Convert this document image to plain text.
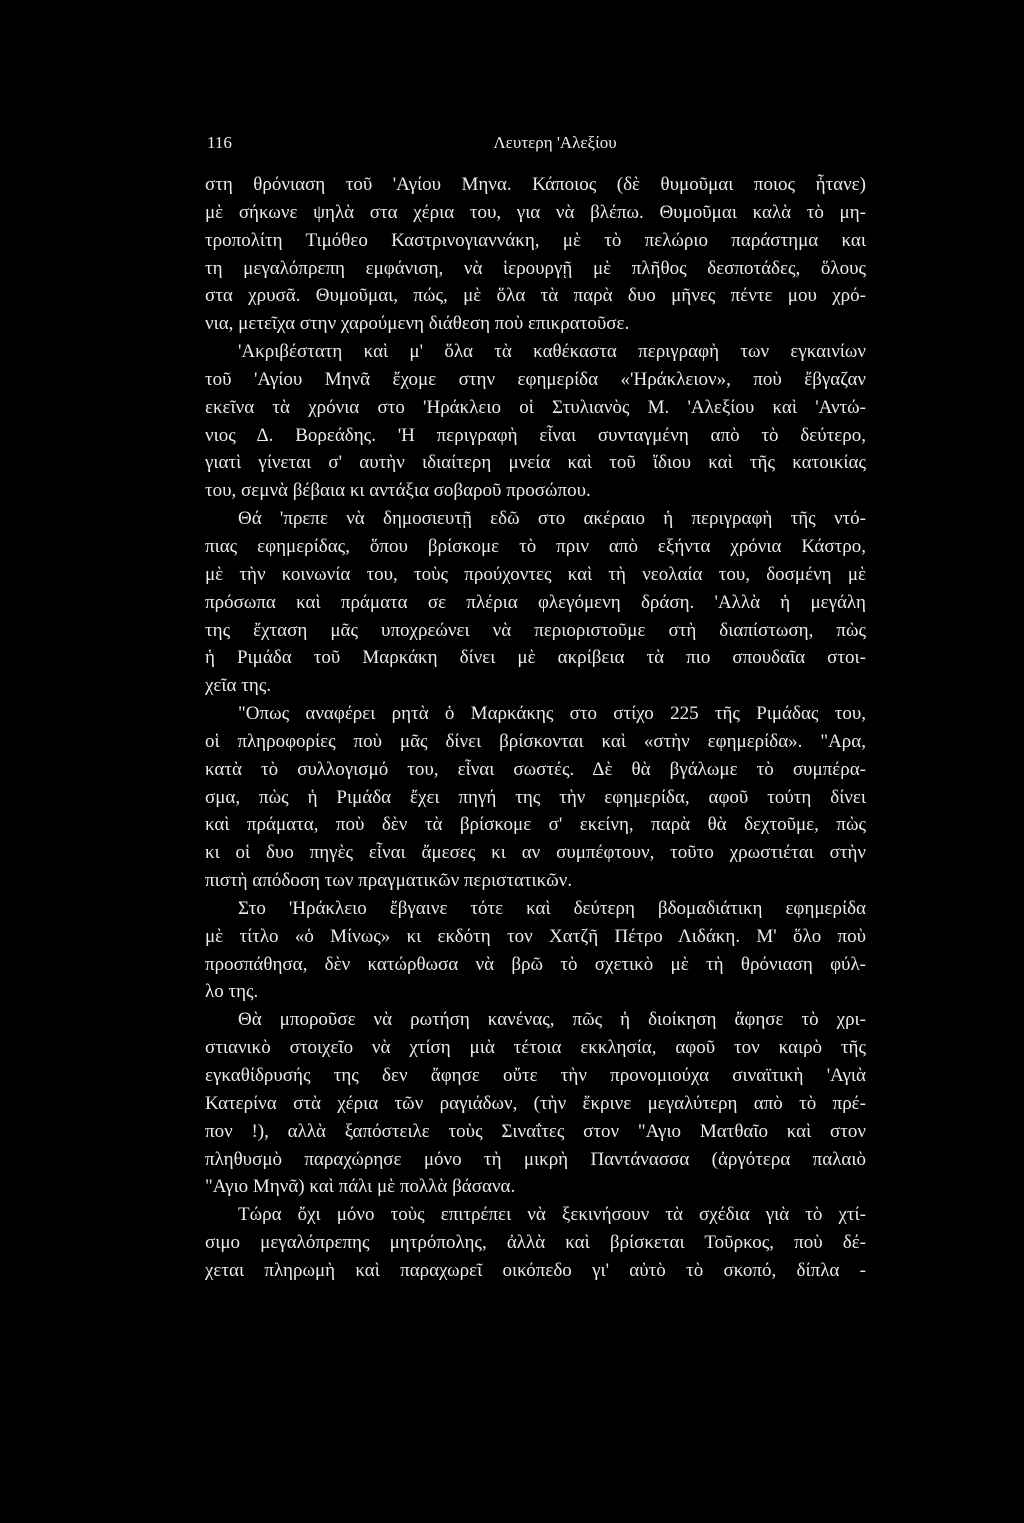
116	Λευτερη 'Αλεξίου
στη θρόνιαση τοῦ 'Αγίου Μηνα. Κάποιος (δὲ θυμοῦμαι ποιος ἦτανε)
μὲ σήκωνε ψηλὰ στα χέρια του, για νὰ βλέπω. Θυμοῦμαι καλὰ τὸ μη-
τροπολίτη Τιμόθεο Καστρινογιαννάκη, μὲ τὸ πελώριο παράστημα και
τη μεγαλόπρεπη εμφάνιση, νὰ ἱερουργῇ μὲ πλῆθος δεσποτάδες, ὅλους
στα χρυσᾶ. Θυμοῦμαι, πώς, μὲ ὅλα τὰ παρὰ δυο μῆνες πέντε μου χρό-
νια, μετεῖχα στην χαρούμενη διάθεση ποὺ επικρατοῦσε.
'Ακριβέστατη καὶ μ' ὅλα τὰ καθέκαστα περιγραφὴ των εγκαινίων
τοῦ 'Αγίου Μηνᾶ ἔχομε στην εφημερίδα «'Ηράκλειον», ποὺ ἔβγαζαν
εκεῖνα τὰ χρόνια στο 'Ηράκλειο οἱ Στυλιανὸς Μ. 'Αλεξίου καὶ 'Αντώ-
νιος Δ. Βορεάδης. 'Η περιγραφὴ εἶναι συνταγμένη απὸ τὸ δεύτερο,
γιατὶ γίνεται σ' αυτὴν ιδιαίτερη μνεία καὶ τοῦ ἴδιου καὶ τῆς κατοικίας
του, σεμνὰ βέβαια κι αντάξια σοβαροῦ προσώπου.
Θά 'πρεπε νὰ δημοσιευτῇ εδῶ στο ακέραιο ἡ περιγραφὴ τῆς ντό-
πιας εφημερίδας, ὅπου βρίσκομε τὸ πριν απὸ εξήντα χρόνια Κάστρο,
μὲ τὴν κοινωνία του, τοὺς προύχοντες καὶ τὴ νεολαία του, δοσμένη μὲ
πρόσωπα καὶ πράματα σε πλέρια φλεγόμενη δράση. 'Αλλὰ ἡ μεγάλη
της ἔχταση μᾶς υποχρεώνει νὰ περιοριστοῦμε στὴ διαπίστωση, πὼς
ἡ Ριμάδα τοῦ Μαρκάκη δίνει μὲ ακρίβεια τὰ πιο σπουδαῖα στοι-
χεῖα της.
"Οπως αναφέρει ρητὰ ὁ Μαρκάκης στο στίχο 225 τῆς Ριμάδας του,
οἱ πληροφορίες ποὺ μᾶς δίνει βρίσκονται καὶ «στὴν εφημερίδα». "Αρα,
κατὰ τὸ συλλογισμό του, εἶναι σωστές. Δὲ θὰ βγάλωμε τὸ συμπέρα-
σμα, πὼς ἡ Ριμάδα ἔχει πηγή της τὴν εφημερίδα, αφοῦ τούτη δίνει
καὶ πράματα, ποὺ δὲν τὰ βρίσκομε σ' εκείνη, παρὰ θὰ δεχτοῦμε, πὼς
κι οἱ δυο πηγὲς εἶναι ἄμεσες κι αν συμπέφτουν, τοῦτο χρωστιέται στὴν
πιστὴ απόδοση των πραγματικῶν περιστατικῶν.
Στο 'Ηράκλειο ἔβγαινε τότε καὶ δεύτερη βδομαδιάτικη εφημερίδα
μὲ τίτλο «ὁ Μίνως» κι εκδότη τον Χατζῆ Πέτρο Λιδάκη. Μ' ὅλο ποὺ
προσπάθησα, δὲν κατώρθωσα νὰ βρῶ τὸ σχετικὸ μὲ τὴ θρόνιαση φύλ-
λο της.
Θὰ μποροῦσε νὰ ρωτήση κανένας, πῶς ἡ διοίκηση ἄφησε τὸ χρι-
στιανικὸ στοιχεῖο νὰ χτίση μιὰ τέτοια εκκλησία, αφοῦ τον καιρὸ τῆς
εγκαθίδρυσής της δεν ἄφησε οὔτε τὴν προνομιούχα σιναϊτικὴ 'Αγιὰ
Κατερίνα στὰ χέρια τῶν ραγιάδων, (τὴν ἔκρινε μεγαλύτερη απὸ τὸ πρέ-
πον !), αλλὰ ξαπόστειλε τοὺς Σιναΐτες στον "Αγιο Ματθαῖο καὶ στον
πληθυσμὸ παραχώρησε μόνο τὴ μικρὴ Παντάνασσα (ἀργότερα παλαιὸ
"Αγιο Μηνᾶ) καὶ πάλι μὲ πολλὰ βάσανα.
Τώρα ὄχι μόνο τοὺς επιτρέπει νὰ ξεκινήσουν τὰ σχέδια γιὰ τὸ χτί-
σιμο μεγαλόπρεπης μητρόπολης, ἀλλὰ καὶ βρίσκεται Τοῦρκος, ποὺ δέ-
χεται πληρωμὴ καὶ παραχωρεῖ οικόπεδο γι' αὐτὸ τὸ σκοπό, δίπλα -
